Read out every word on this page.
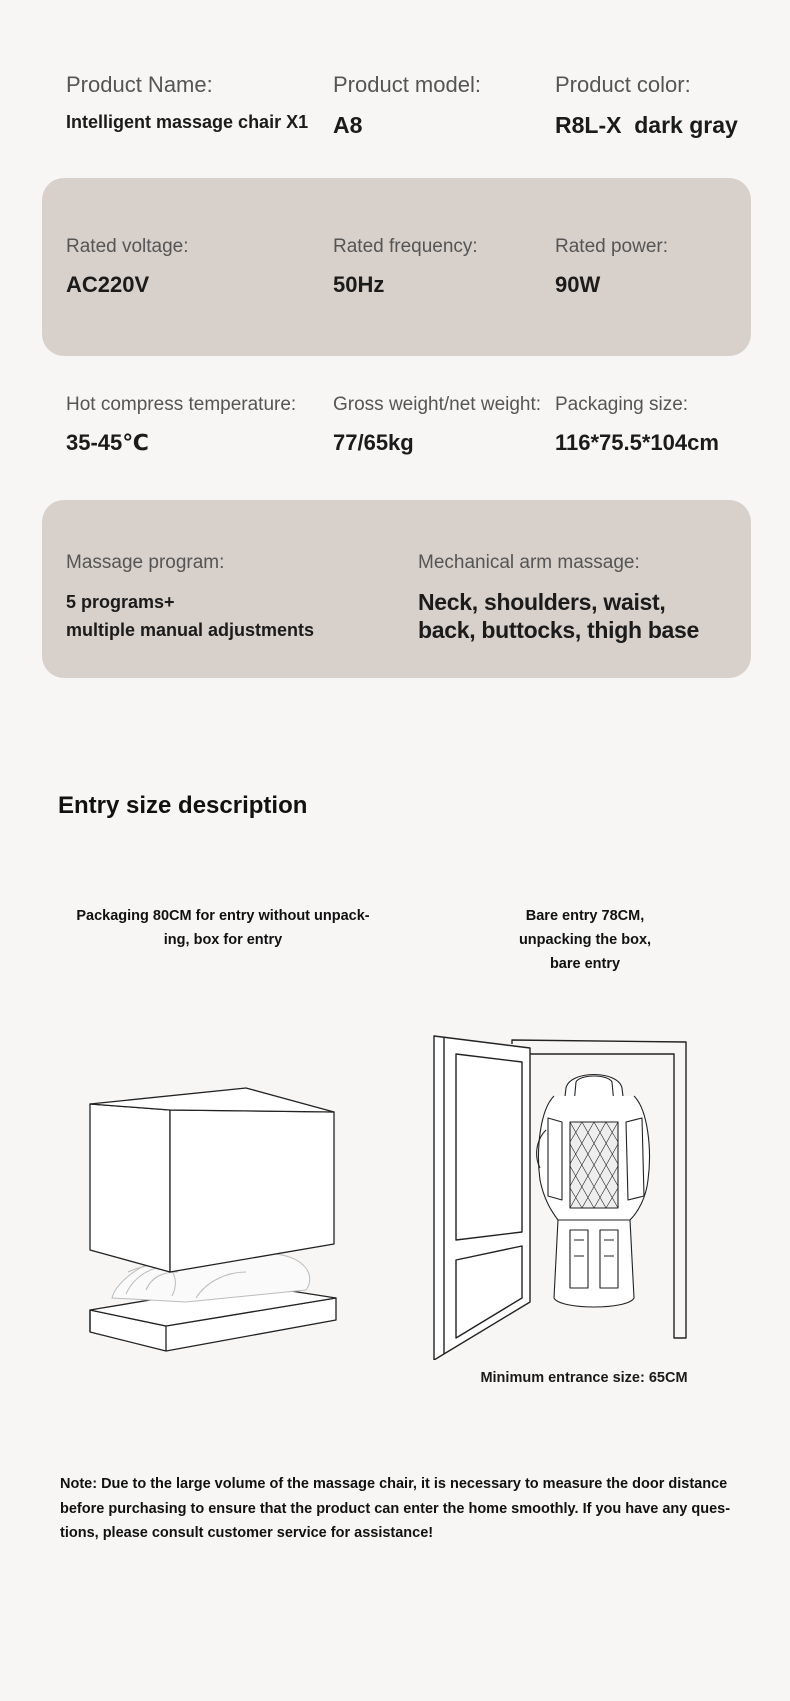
Product Name:
Intelligent massage chair X1
Product model:
A8
Product color:
R8L-X  dark gray
Rated voltage:
AC220V
Rated frequency:
50Hz
Rated power:
90W
Hot compress temperature:
35-45℃
Gross weight/net weight:
77/65kg
Packaging size:
116*75.5*104cm
Massage program:
5 programs+
multiple manual adjustments
Mechanical arm massage:
Neck, shoulders, waist, back, buttocks, thigh base
Entry size description
Packaging 80CM for entry without unpack-ing, box for entry
Bare entry 78CM,
unpacking the box,
bare entry
Minimum entrance size: 65CM
Note: Due to the large volume of the massage chair, it is necessary to measure the door distance before purchasing to ensure that the product can enter the home smoothly. If you have any ques-tions, please consult customer service for assistance!
